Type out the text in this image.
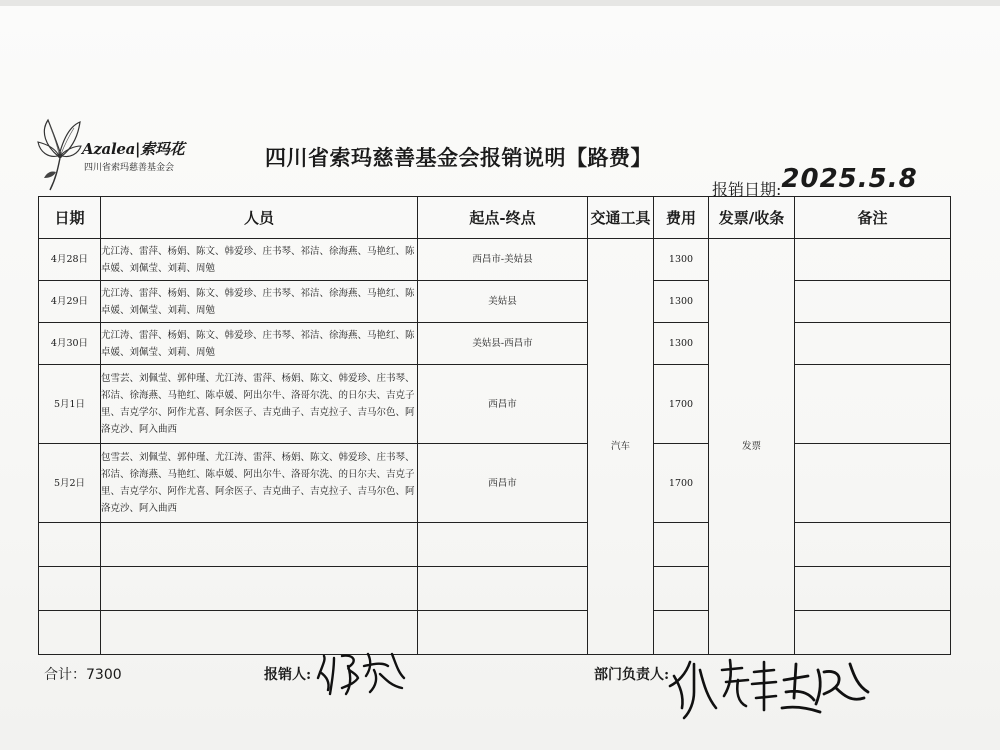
Azalea|索玛花
四川省索玛慈善基金会	四川省索玛慈善基金会报销说明【路费】
报销日期:2025.5.8
日期	人员	起点-终点	交通工具	费用	发票/收条	备注
4月28日	尤江涛、雷萍、杨娟、陈文、韩爱珍、庄书琴、祁洁、徐海燕、马艳红、陈卓媛、刘佩莹、刘莉、周勉	西昌市-美姑县	汽车	1300	发票	
4月29日	尤江涛、雷萍、杨娟、陈文、韩爱珍、庄书琴、祁洁、徐海燕、马艳红、陈卓媛、刘佩莹、刘莉、周勉	美姑县		1300		
4月30日	尤江涛、雷萍、杨娟、陈文、韩爱珍、庄书琴、祁洁、徐海燕、马艳红、陈卓媛、刘佩莹、刘莉、周勉	美姑县-西昌市		1300		
5月1日	包雪芸、刘佩莹、郭仲瑾、尤江涛、雷萍、杨娟、陈文、韩爱珍、庄书琴、祁洁、徐海燕、马艳红、陈卓媛、阿出尔牛、洛哥尔洗、的日尔夫、吉克子里、吉克学尔、阿作尤喜、阿余医子、吉克曲子、吉克拉子、吉马尔色、阿洛克沙、阿入曲西	西昌市		1700		
5月2日	包雪芸、刘佩莹、郭仲瑾、尤江涛、雷萍、杨娟、陈文、韩爱珍、庄书琴、祁洁、徐海燕、马艳红、陈卓媛、阿出尔牛、洛哥尔洗、的日尔夫、吉克子里、吉克学尔、阿作尤喜、阿余医子、吉克曲子、吉克拉子、吉马尔色、阿洛克沙、阿入曲西	西昌市		1700		

合计：7300	报销人:	部门负责人:
